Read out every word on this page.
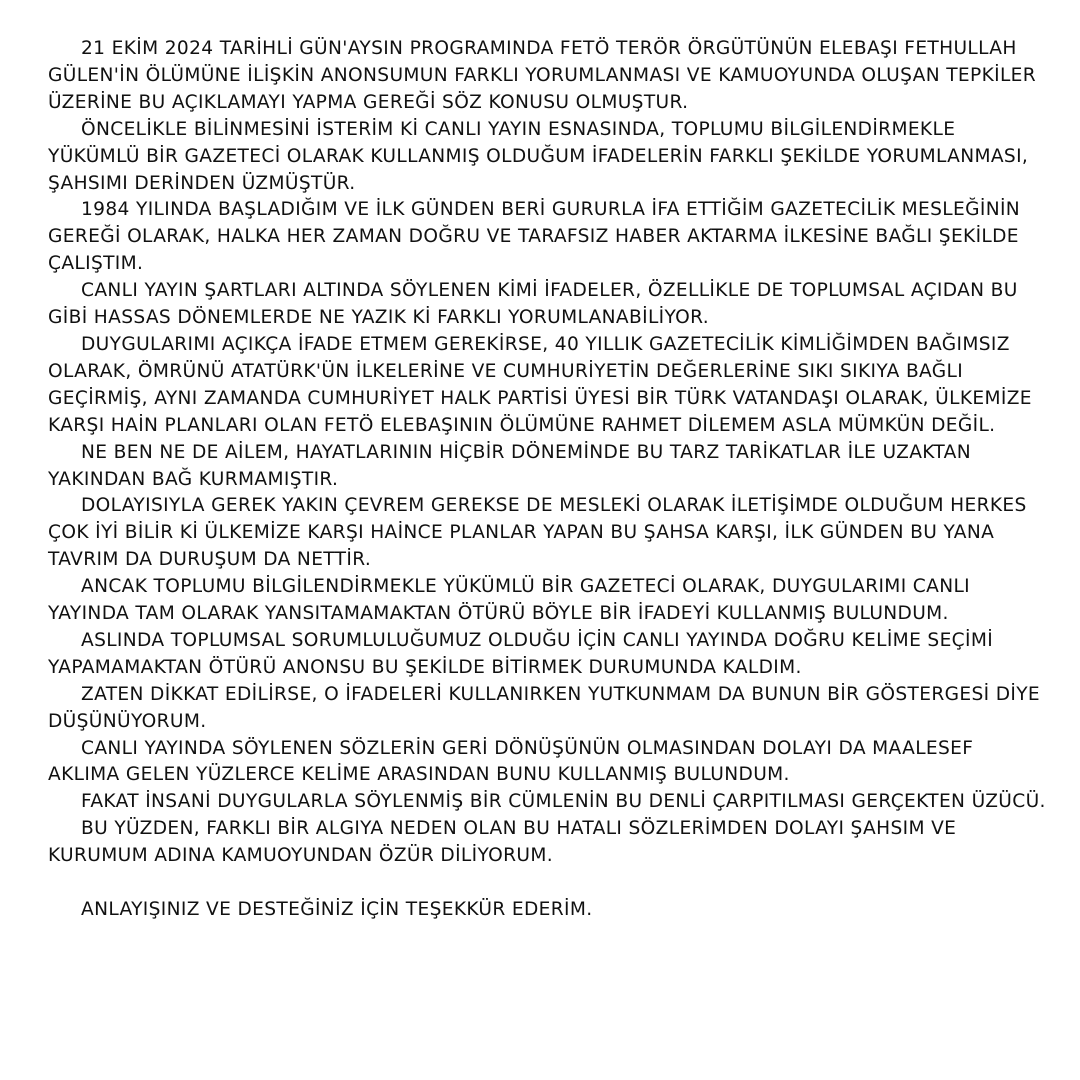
21 EKİM 2024 TARİHLİ GÜN'AYSIN PROGRAMINDA FETÖ TERÖR ÖRGÜTÜNÜN ELEBAŞI FETHULLAH GÜLEN'İN ÖLÜMÜNE İLİŞKİN ANONSUMUN FARKLI YORUMLANMASI VE KAMUOYUNDA OLUŞAN TEPKİLER ÜZERİNE BU AÇIKLAMAYI YAPMA GEREĞİ SÖZ KONUSU OLMUŞTUR.

ÖNCELİKLE BİLİNMESİNİ İSTERİM Kİ CANLI YAYIN ESNASINDA, TOPLUMU BİLGİLENDİRMEKLE YÜKÜMLÜ BİR GAZETECİ OLARAK KULLANMIŞ OLDUĞUM İFADELERİN FARKLI ŞEKİLDE YORUMLANMASI, ŞAHSIMI DERİNDEN ÜZMÜŞTÜR.

1984 YILINDA BAŞLADIĞIM VE İLK GÜNDEN BERİ GURURLA İFA ETTİĞİM GAZETECİLİK MESLEĞİNİN GEREĞİ OLARAK, HALKA HER ZAMAN DOĞRU VE TARAFSIZ HABER AKTARMA İLKESİNE BAĞLI ŞEKİLDE ÇALIŞTIM.

CANLI YAYIN ŞARTLARI ALTINDA SÖYLENEN KİMİ İFADELER, ÖZELLİKLE DE TOPLUMSAL AÇIDAN BU GİBİ HASSAS DÖNEMLERDE NE YAZIK Kİ FARKLI YORUMLANABİLİYOR.

DUYGULARIMI AÇIKÇA İFADE ETMEM GEREKİRSE, 40 YILLIK GAZETECİLİK KİMLİĞİMDEN BAĞIMSIZ OLARAK, ÖMRÜNÜ ATATÜRK'ÜN İLKELERİNE VE CUMHURİYETİN DEĞERLERİNE SIKI SIKIYA BAĞLI GEÇİRMİŞ, AYNI ZAMANDA CUMHURİYET HALK PARTİSİ ÜYESİ BİR TÜRK VATANDAŞI OLARAK, ÜLKEMİZE KARŞI HAİN PLANLARI OLAN FETÖ ELEBAŞININ ÖLÜMÜNE RAHMET DİLEMEM ASLA MÜMKÜN DEĞİL.

NE BEN NE DE AİLEM, HAYATLARININ HİÇBİR DÖNEMİNDE BU TARZ TARİKATLAR İLE UZAKTAN YAKINDAN BAĞ KURMAMIŞTIR.

DOLAYISIYLA GEREK YAKIN ÇEVREM GEREKSE DE MESLEKİ OLARAK İLETİŞİMDE OLDUĞUM HERKES ÇOK İYİ BİLİR Kİ ÜLKEMİZE KARŞI HAİNCE PLANLAR YAPAN BU ŞAHSA KARŞI, İLK GÜNDEN BU YANA TAVRIM DA DURUŞUM DA NETTİR.

ANCAK TOPLUMU BİLGİLENDİRMEKLE YÜKÜMLÜ BİR GAZETECİ OLARAK, DUYGULARIMI CANLI YAYINDA TAM OLARAK YANSITAMAMAKTAN ÖTÜRÜ BÖYLE BİR İFADEYİ KULLANMIŞ BULUNDUM.

ASLINDA TOPLUMSAL SORUMLULUĞUMUZ OLDUĞU İÇİN CANLI YAYINDA DOĞRU KELİME SEÇİMİ YAPAMAMAKTAN ÖTÜRÜ ANONSU BU ŞEKİLDE BİTİRMEK DURUMUNDA KALDIM.

ZATEN DİKKAT EDİLİRSE, O İFADELERİ KULLANIRKEN YUTKUNMAM DA BUNUN BİR GÖSTERGESİ DİYE DÜŞÜNÜYORUM.

CANLI YAYINDA SÖYLENEN SÖZLERİN GERİ DÖNÜŞÜNÜN OLMASINDAN DOLAYI DA MAALESEF AKLIMA GELEN YÜZLERCE KELİME ARASINDAN BUNU KULLANMIŞ BULUNDUM.

FAKAT İNSANİ DUYGULARLA SÖYLENMİŞ BİR CÜMLENİN BU DENLİ ÇARPITILMASI GERÇEKTEN ÜZÜCÜ.

BU YÜZDEN, FARKLI BİR ALGIYA NEDEN OLAN BU HATALI SÖZLERİMDEN DOLAYI ŞAHSIM VE KURUMUM ADINA KAMUOYUNDAN ÖZÜR DİLİYORUM.

ANLAYIŞINIZ VE DESTEĞİNİZ İÇİN TEŞEKKÜR EDERİM.
